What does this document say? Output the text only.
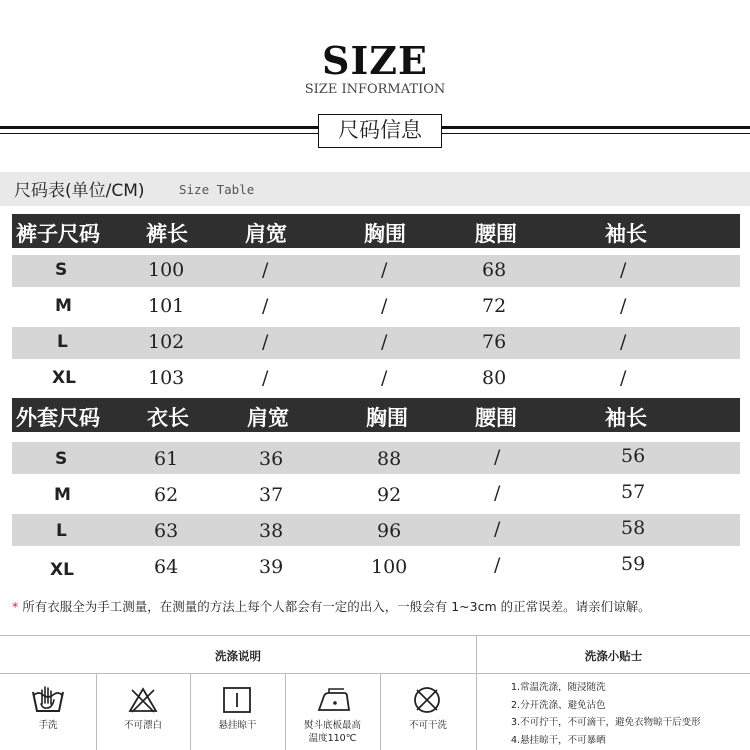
SIZE
SIZE INFORMATION
尺码信息
尺码表(单位/CM)	Size Table
裤子尺码 裤长	肩宽	胸围	腰围	袖长
S	100	/	/	68	/
M	101	/	/	72	/
L	102	/	/	76	/
XL	103	/	/	80	/
外套尺码 衣长	肩宽	胸围	腰围	袖长
S	61	36	88	/	56
M	62	37	92	/	57
L	63	38	96	/	58
XL	64	39	100	/	59
* 所有衣服全为手工测量，在测量的方法上每个人都会有一定的出入，一般会有 1~3cm 的正常误差。请亲们谅解。
洗涤说明	洗涤小贴士
手洗	不可漂白	悬挂晾干	熨斗底板最高
温度110℃
不可干洗
1.常温洗涤，随浸随洗
2.分开洗涤、避免沾色
3.不可拧干，不可滴干，避免衣物晾干后变形
4.悬挂晾干，不可暴晒
